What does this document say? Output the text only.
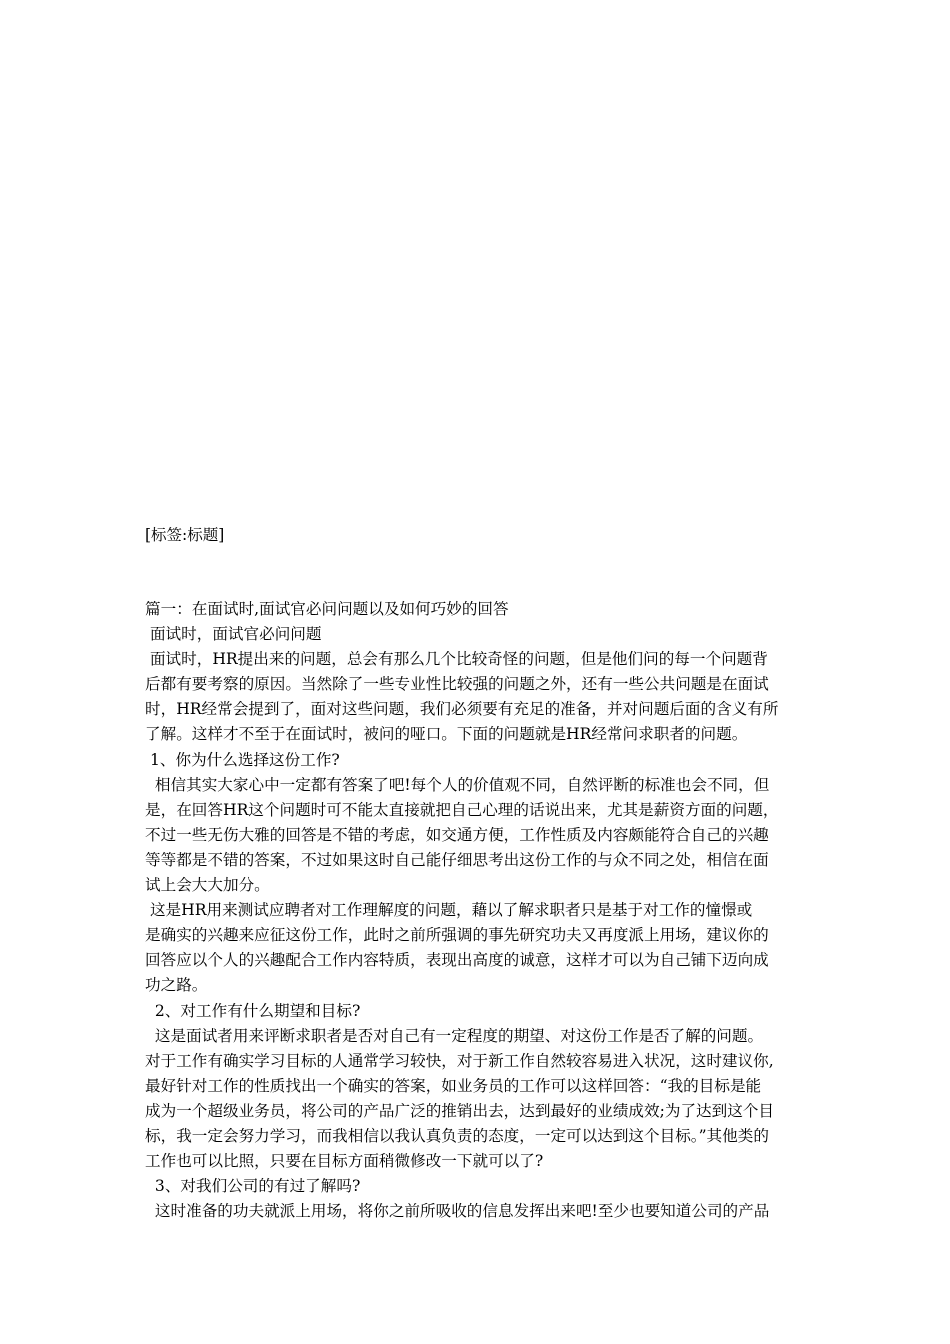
[标签:标题]
篇一：在面试时,面试官必问问题以及如何巧妙的回答
面试时，面试官必问问题
面试时，HR提出来的问题，总会有那么几个比较奇怪的问题，但是他们问的每一个问题背
后都有要考察的原因。当然除了一些专业性比较强的问题之外，还有一些公共问题是在面试
时，HR经常会提到了，面对这些问题，我们必须要有充足的准备，并对问题后面的含义有所
了解。这样才不至于在面试时，被问的哑口。下面的问题就是HR经常问求职者的问题。
1、你为什么选择这份工作?
相信其实大家心中一定都有答案了吧!每个人的价值观不同，自然评断的标准也会不同，但
是，在回答HR这个问题时可不能太直接就把自己心理的话说出来，尤其是薪资方面的问题，
不过一些无伤大雅的回答是不错的考虑，如交通方便，工作性质及内容颇能符合自己的兴趣
等等都是不错的答案，不过如果这时自己能仔细思考出这份工作的与众不同之处，相信在面
试上会大大加分。
这是HR用来测试应聘者对工作理解度的问题，藉以了解求职者只是基于对工作的憧憬或
是确实的兴趣来应征这份工作，此时之前所强调的事先研究功夫又再度派上用场，建议你的
回答应以个人的兴趣配合工作内容特质，表现出高度的诚意，这样才可以为自己铺下迈向成
功之路。
2、对工作有什么期望和目标?
这是面试者用来评断求职者是否对自己有一定程度的期望、对这份工作是否了解的问题。
对于工作有确实学习目标的人通常学习较快，对于新工作自然较容易进入状况，这时建议你,
最好针对工作的性质找出一个确实的答案，如业务员的工作可以这样回答：“我的目标是能
成为一个超级业务员，将公司的产品广泛的推销出去，达到最好的业绩成效;为了达到这个目
标，我一定会努力学习，而我相信以我认真负责的态度，一定可以达到这个目标。”其他类的
工作也可以比照，只要在目标方面稍微修改一下就可以了?
3、对我们公司的有过了解吗?
这时准备的功夫就派上用场，将你之前所吸收的信息发挥出来吧!至少也要知道公司的产品
